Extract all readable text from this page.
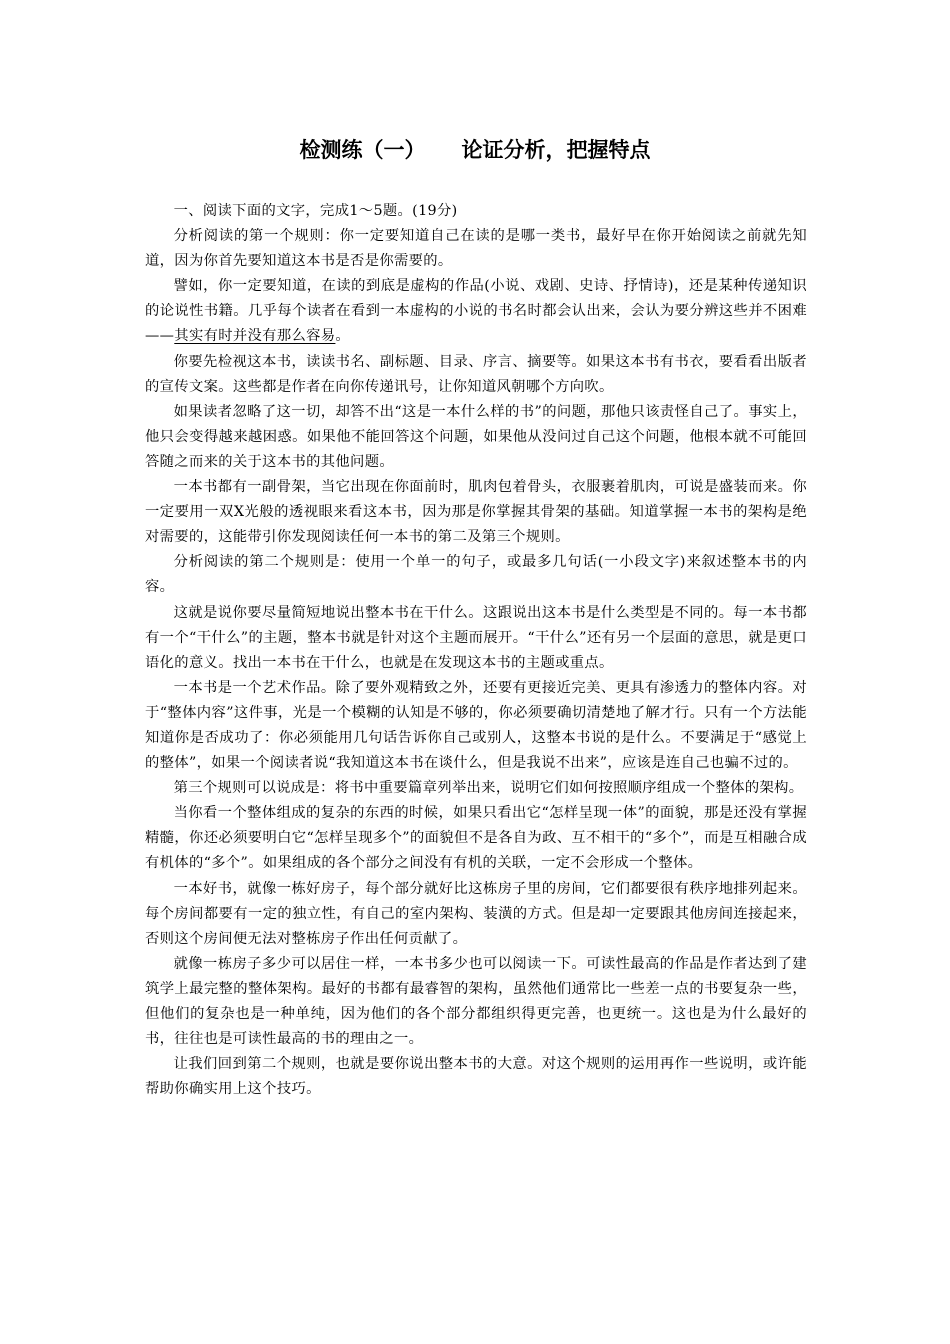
检测练（一） 论证分析，把握特点

一、阅读下面的文字，完成1～5题。(19分)

分析阅读的第一个规则：你一定要知道自己在读的是哪一类书，最好早在你开始阅读之前就先知道，因为你首先要知道这本书是否是你需要的。

譬如，你一定要知道，在读的到底是虚构的作品(小说、戏剧、史诗、抒情诗)，还是某种传递知识的论说性书籍。几乎每个读者在看到一本虚构的小说的书名时都会认出来，会认为要分辨这些并不困难——其实有时并没有那么容易。

你要先检视这本书，读读书名、副标题、目录、序言、摘要等。如果这本书有书衣，要看看出版者的宣传文案。这些都是作者在向你传递讯号，让你知道风朝哪个方向吹。

如果读者忽略了这一切，却答不出“这是一本什么样的书”的问题，那他只该责怪自己了。事实上，他只会变得越来越困惑。如果他不能回答这个问题，如果他从没问过自己这个问题，他根本就不可能回答随之而来的关于这本书的其他问题。

一本书都有一副骨架，当它出现在你面前时，肌肉包着骨头，衣服裹着肌肉，可说是盛装而来。你一定要用一双X光般的透视眼来看这本书，因为那是你掌握其骨架的基础。知道掌握一本书的架构是绝对需要的，这能带引你发现阅读任何一本书的第二及第三个规则。

分析阅读的第二个规则是：使用一个单一的句子，或最多几句话(一小段文字)来叙述整本书的内容。

这就是说你要尽量简短地说出整本书在干什么。这跟说出这本书是什么类型是不同的。每一本书都有一个“干什么”的主题，整本书就是针对这个主题而展开。“干什么”还有另一个层面的意思，就是更口语化的意义。找出一本书在干什么，也就是在发现这本书的主题或重点。

一本书是一个艺术作品。除了要外观精致之外，还要有更接近完美、更具有渗透力的整体内容。对于“整体内容”这件事，光是一个模糊的认知是不够的，你必须要确切清楚地了解才行。只有一个方法能知道你是否成功了：你必须能用几句话告诉你自己或别人，这整本书说的是什么。不要满足于“感觉上的整体”，如果一个阅读者说“我知道这本书在谈什么，但是我说不出来”，应该是连自己也骗不过的。

第三个规则可以说成是：将书中重要篇章列举出来，说明它们如何按照顺序组成一个整体的架构。

当你看一个整体组成的复杂的东西的时候，如果只看出它“怎样呈现一体”的面貌，那是还没有掌握精髓，你还必须要明白它“怎样呈现多个”的面貌但不是各自为政、互不相干的“多个”，而是互相融合成有机体的“多个”。如果组成的各个部分之间没有有机的关联，一定不会形成一个整体。

一本好书，就像一栋好房子，每个部分就好比这栋房子里的房间，它们都要很有秩序地排列起来。每个房间都要有一定的独立性，有自己的室内架构、装潢的方式。但是却一定要跟其他房间连接起来，否则这个房间便无法对整栋房子作出任何贡献了。

就像一栋房子多少可以居住一样，一本书多少也可以阅读一下。可读性最高的作品是作者达到了建筑学上最完整的整体架构。最好的书都有最睿智的架构，虽然他们通常比一些差一点的书要复杂一些，但他们的复杂也是一种单纯，因为他们的各个部分都组织得更完善，也更统一。这也是为什么最好的书，往往也是可读性最高的书的理由之一。

让我们回到第二个规则，也就是要你说出整本书的大意。对这个规则的运用再作一些说明，或许能帮助你确实用上这个技巧。
